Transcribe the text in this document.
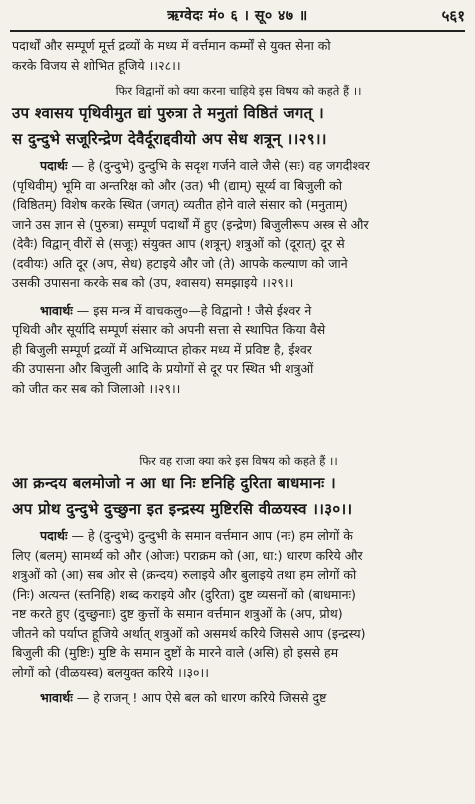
ऋग्वेदः मं० ६ । सू० ४७ ॥	५६१

पदार्थों और सम्पूर्ण मूर्त्त द्रव्यों के मध्य में वर्त्तमान कर्म्मों से युक्त सेना को

करके विजय से शोभित हूजिये ।।२८।।

फिर विद्वानों को क्या करना चाहिये इस विषय को कहते हैं ।।

उप श्वासय पृथिवीमुत द्यां पुरुत्रा ते मनुतां विष्ठितं जगत् ।

स दुन्दुभे सजूरिन्द्रेण देवैर्दूराद्दवीयो अप सेध शत्रून् ।।२९।।

पदार्थः — हे (दुन्दुभे) दुन्दुभि के सदृश गर्जने वाले जैसे (सः) वह जगदीश्वर

(पृथिवीम्) भूमि वा अन्तरिक्ष को और (उत) भी (द्याम्) सूर्य्य वा बिजुली को

(विष्ठितम्) विशेष करके स्थित (जगत्) व्यतीत होने वाले संसार को (मनुताम्)

जाने उस ज्ञान से (पुरुत्रा) सम्पूर्ण पदार्थों में हुए (इन्द्रेण) बिजुलीरूप अस्त्र से और

(देवैः) विद्वान् वीरों से (सजूः) संयुक्त आप (शत्रून्) शत्रुओं को (दूरात्) दूर से

(दवीयः) अति दूर (अप, सेध) हटाइये और जो (ते) आपके कल्याण को जाने

उसकी उपासना करके सब को (उप, श्वासय) समझाइये ।।२९।।

भावार्थः — इस मन्त्र में वाचकलु०—हे विद्वानो ! जैसे ईश्वर ने

पृथिवी और सूर्यादि सम्पूर्ण संसार को अपनी सत्ता से स्थापित किया वैसे

ही बिजुली सम्पूर्ण द्रव्यों में अभिव्याप्त होकर मध्य में प्रविष्ट है, ईश्वर

की उपासना और बिजुली आदि के प्रयोगों से दूर पर स्थित भी शत्रुओं

को जीत कर सब को जिलाओ ।।२९।।

फिर वह राजा क्या करे इस विषय को कहते हैं ।।

आ क्रन्दय बलमोजो न आ धा निः ष्टनिहि दुरिता बाधमानः ।

अप प्रोथ दुन्दुभे दुच्छुना इत इन्द्रस्य मुष्टिरसि वीळयस्व ।।३०।।

पदार्थः — हे (दुन्दुभे) दुन्दुभी के समान वर्त्तमान आप (नः) हम लोगों के

लिए (बलम्) सामर्थ्य को और (ओजः) पराक्रम को (आ, धा:) धारण करिये और

शत्रुओं को (आ) सब ओर से (क्रन्दय) रुलाइये और बुलाइये तथा हम लोगों को

(निः) अत्यन्त (स्तनिहि) शब्द कराइये और (दुरिता) दुष्ट व्यसनों को (बाधमानः)

नष्ट करते हुए (दुच्छुनाः) दुष्ट कुत्तों के समान वर्त्तमान शत्रुओं के (अप, प्रोथ)

जीतने को पर्याप्त हूजिये अर्थात् शत्रुओं को असमर्थ करिये जिससे आप (इन्द्रस्य)

बिजुली की (मुष्टिः) मुष्टि के समान दुष्टों के मारने वाले (असि) हो इससे हम

लोगों को (वीळयस्व) बलयुक्त करिये ।।३०।।

भावार्थः — हे राजन् ! आप ऐसे बल को धारण करिये जिससे दुष्ट
